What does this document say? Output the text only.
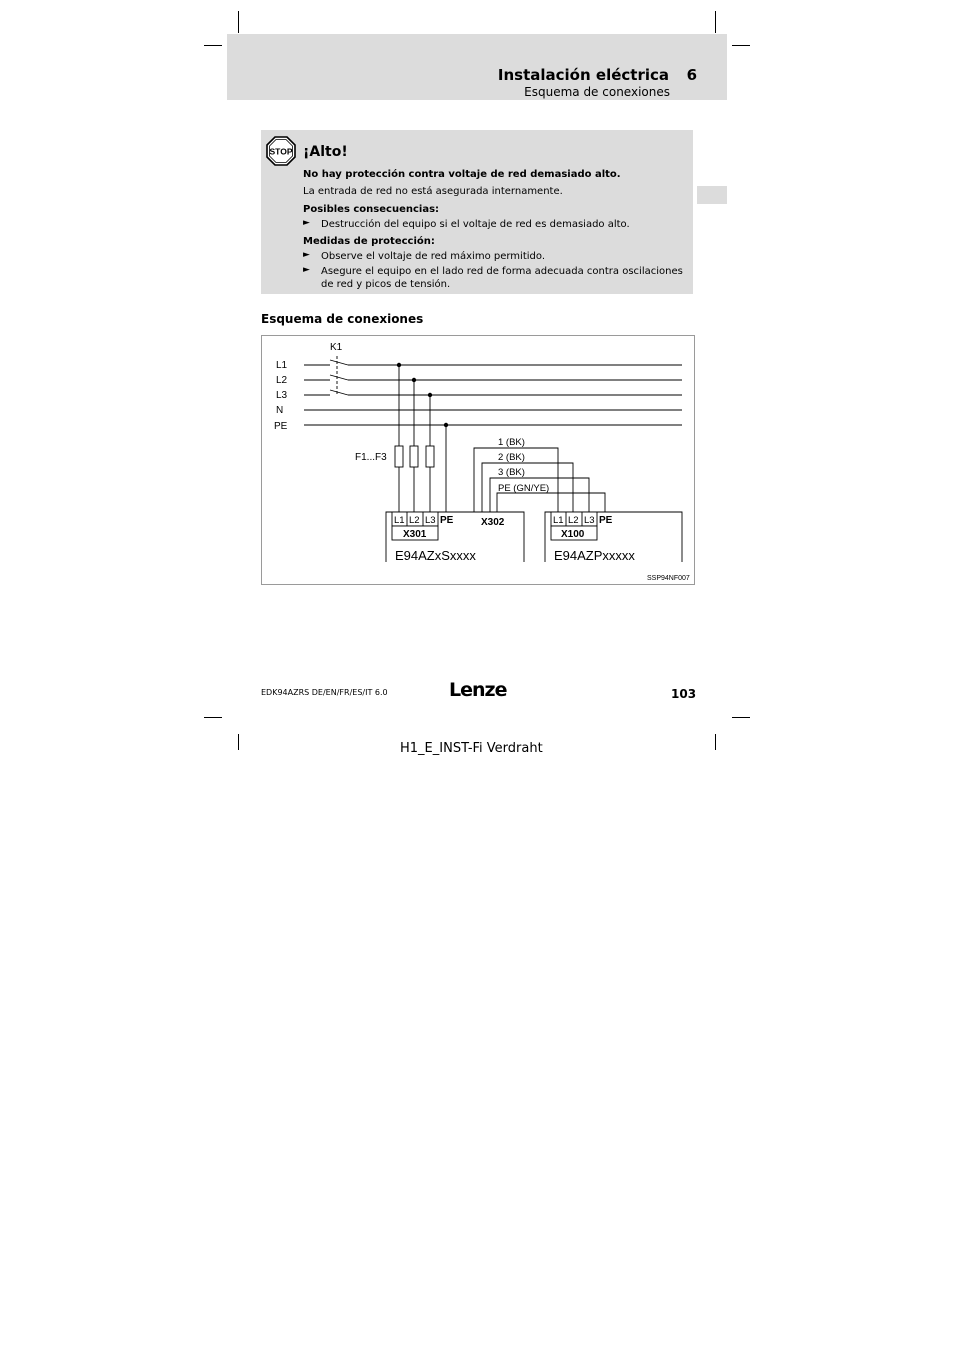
Instalación eléctrica 6
Esquema de conexiones
STOP ¡Alto!
No hay protección contra voltaje de red demasiado alto.
La entrada de red no está asegurada internamente.
Posibles consecuencias:
► Destrucción del equipo si el voltaje de red es demasiado alto.
Medidas de protección:
► Observe el voltaje de red máximo permitido.
► Asegure el equipo en el lado red de forma adecuada contra oscilaciones de red y picos de tensión.
Esquema de conexiones
K1
L1
L2
L3
N
PE
F1...F3
1 (BK)
2 (BK)
3 (BK)
PE (GN/YE)
L1 L2 L3 PE
X301
X302
E94AZxSxxxx
L1 L2 L3 PE
X100
E94AZPxxxxx
SSP94NF007
EDK94AZRS DE/EN/FR/ES/IT 6.0	Lenze	103
H1_E_INST-Fi Verdraht
